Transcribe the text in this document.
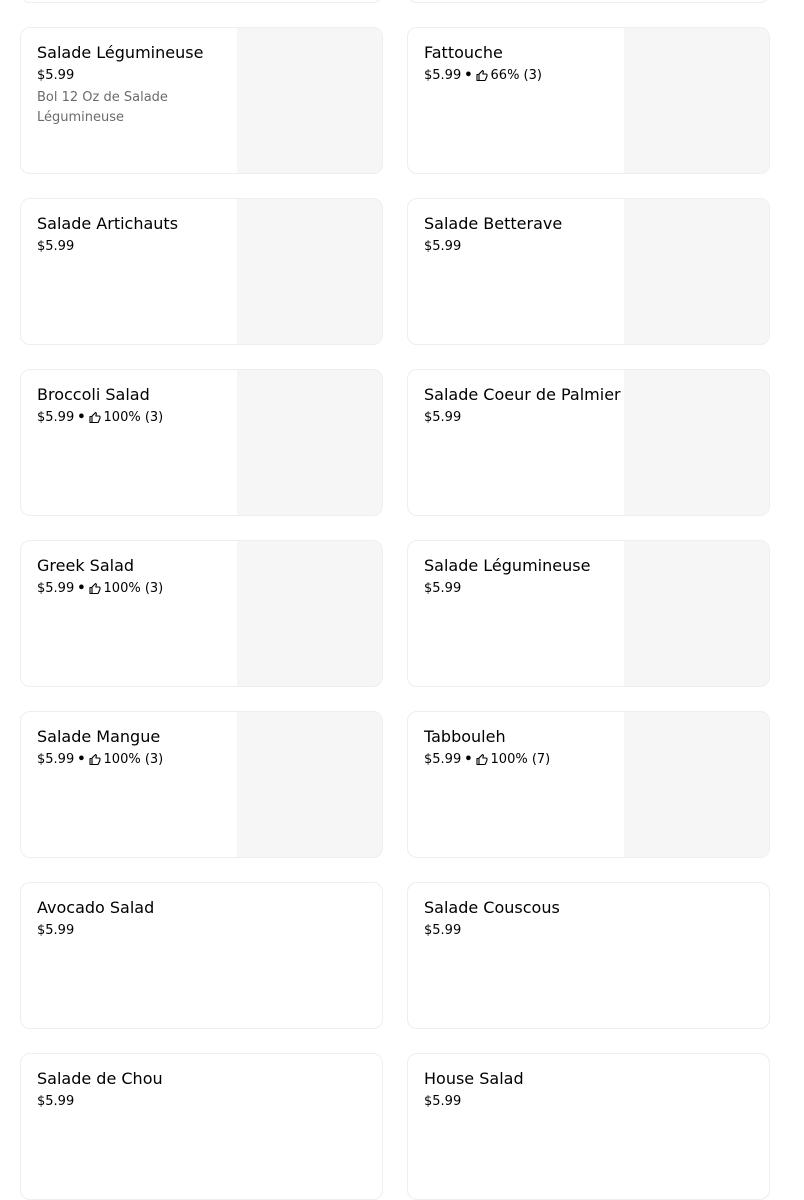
Salade Légumineuse
$5.99
Bol 12 Oz de Salade Légumineuse
Fattouche
$5.99 • 66% (3)
Salade Artichauts
$5.99
Salade Betterave
$5.99
Broccoli Salad
$5.99 • 100% (3)
Salade Coeur de Palmier
$5.99
Greek Salad
$5.99 • 100% (3)
Salade Légumineuse
$5.99
Salade Mangue
$5.99 • 100% (3)
Tabbouleh
$5.99 • 100% (7)
Avocado Salad
$5.99
Salade Couscous
$5.99
Salade de Chou
$5.99
House Salad
$5.99
